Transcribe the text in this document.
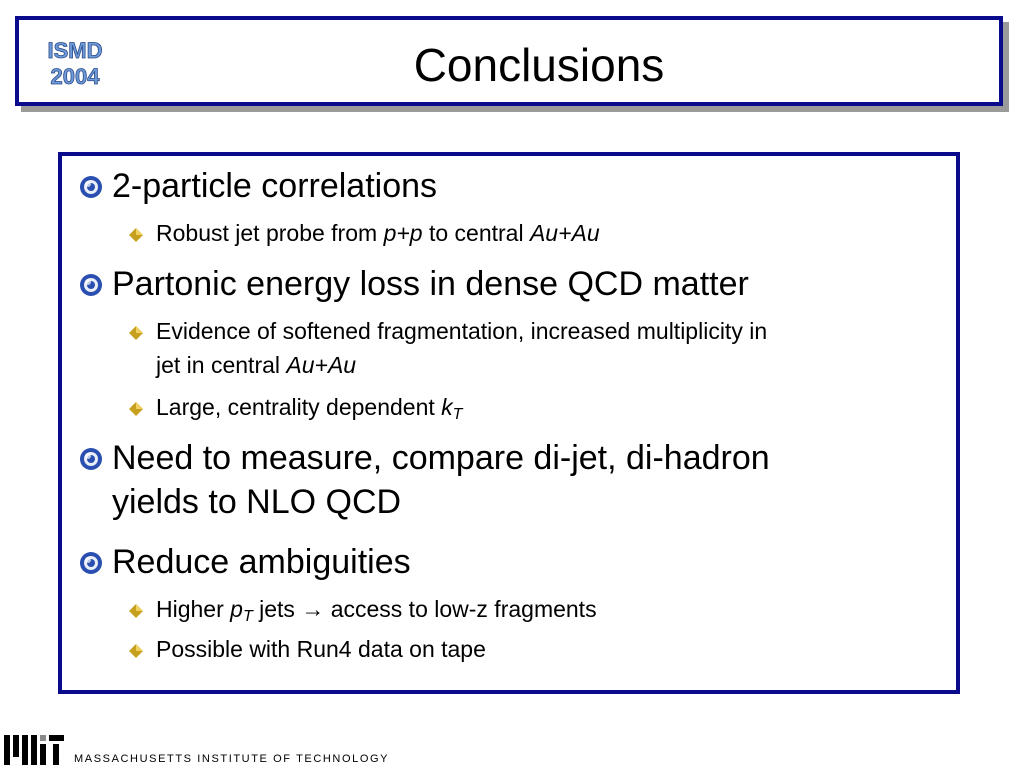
ISMD
2004	Conclusions
2-particle correlations
Robust jet probe from p+p to central Au+Au
Partonic energy loss in dense QCD matter
Evidence of softened fragmentation, increased multiplicity in
jet in central Au+Au
Large, centrality dependent $k_T$
Need to measure, compare di-jet, di-hadron
yields to NLO QCD
Reduce ambiguities
Higher $p_T$ jets → access to low-z fragments
Possible with Run4 data on tape
MASSACHUSETTS INSTITUTE OF TECHNOLOGY
